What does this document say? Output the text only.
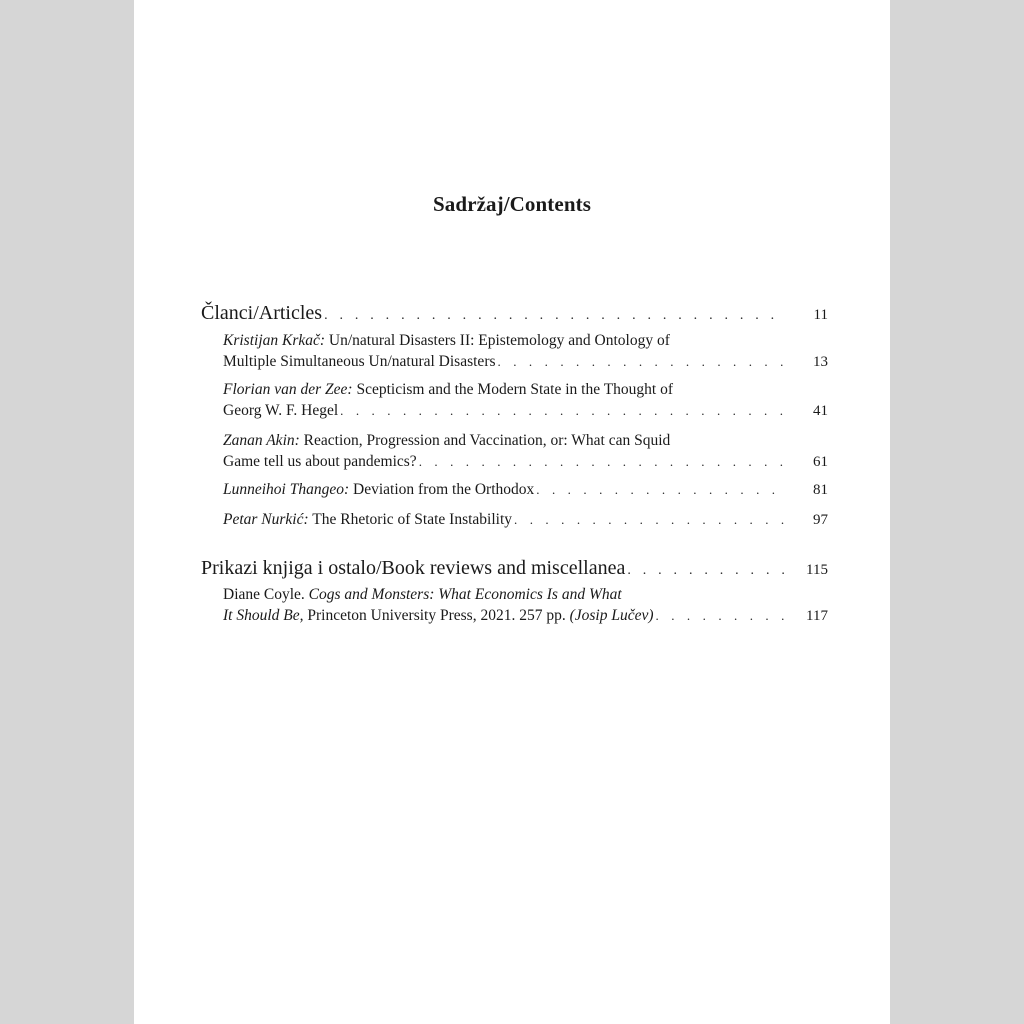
Sadržaj/Contents
Članci/Articles . . .	11
Kristijan Krkač: Un/natural Disasters II: Epistemology and Ontology of
Multiple Simultaneous Un/natural Disasters . . .	13
Florian van der Zee: Scepticism and the Modern State in the Thought of
Georg W. F. Hegel . . .	41
Zanan Akin: Reaction, Progression and Vaccination, or: What can Squid
Game tell us about pandemics? . . .	61
Lunneihoi Thangeo: Deviation from the Orthodox . . .	81
Petar Nurkić: The Rhetoric of State Instability . . .	97
Prikazi knjiga i ostalo/Book reviews and miscellanea . . .	115
Diane Coyle. Cogs and Monsters: What Economics Is and What
It Should Be, Princeton University Press, 2021. 257 pp. (Josip Lučev) . . .	117
